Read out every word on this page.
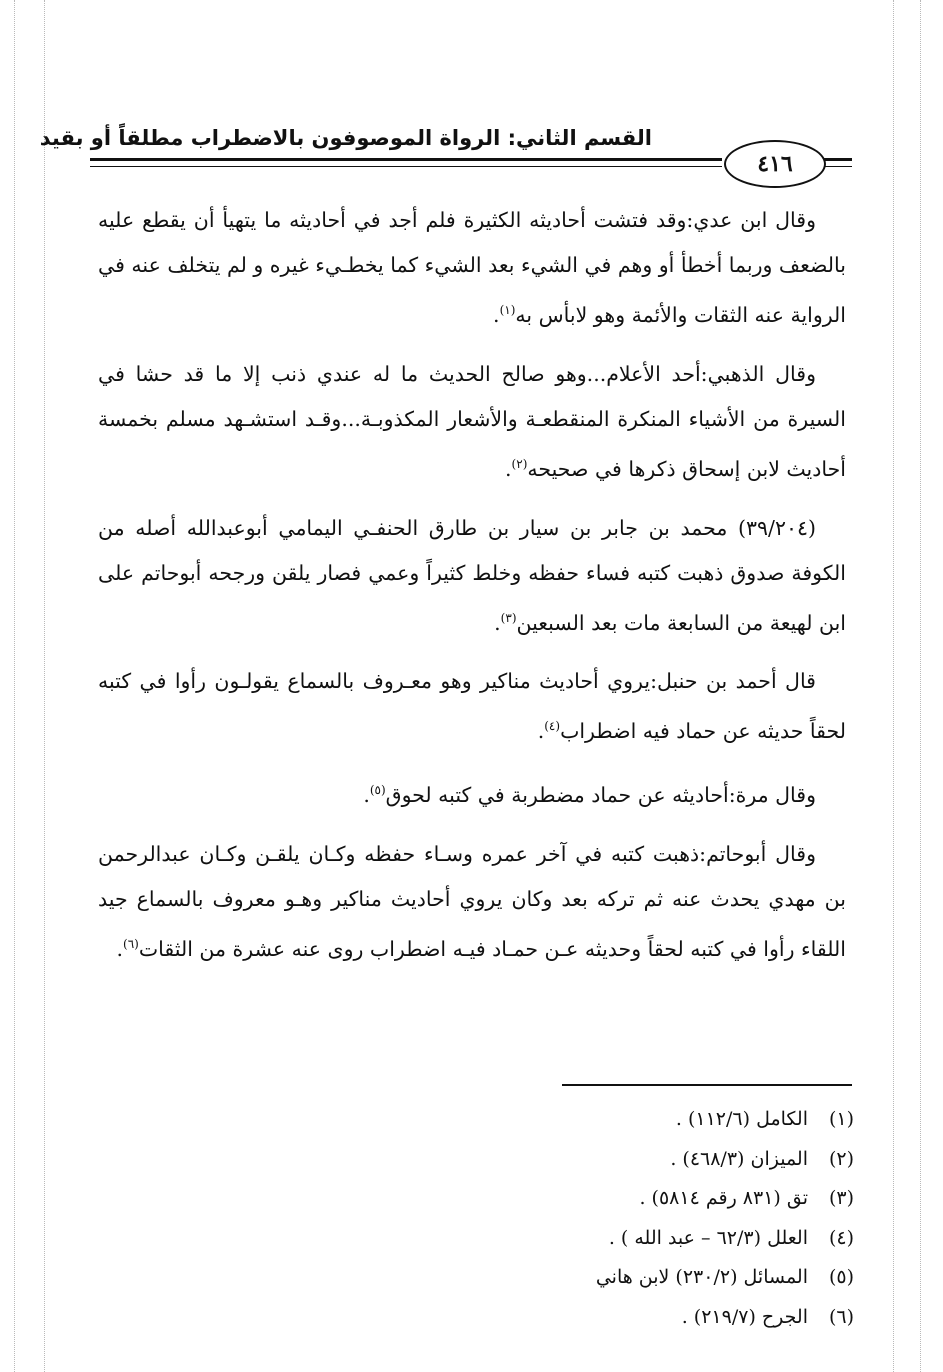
القسم الثاني: الرواة الموصوفون بالاضطراب مطلقاً أو بقيد
٤١٦

وقال ابن عدي:وقد فتشت أحاديثه الكثيرة فلم أجد في أحاديثه ما يتهيأ أن يقطع عليه بالضعف وربما أخطأ أو وهم في الشيء بعد الشيء كما يخطـيء غيره و لم يتخلف عنه في الرواية عنه الثقات والأئمة وهو لابأس به$^{(١)}$.

وقال الذهبي:أحد الأعلام...وهو صالح الحديث ما له عندي ذنب إلا ما قد حشا في السيرة من الأشياء المنكرة المنقطعـة والأشعار المكذوبـة...وقـد استشـهد مسلم بخمسة أحاديث لابن إسحاق ذكرها في صحيحه$^{(٢)}$.

(٣٩/٢٠٤) محمد بن جابر بن سيار بن طارق الحنفـي اليمامي أبوعبدالله أصله من الكوفة صدوق ذهبت كتبه فساء حفظه وخلط كثيراً وعمي فصار يلقن ورجحه أبوحاتم على ابن لهيعة من السابعة مات بعد السبعين$^{(٣)}$.

قال أحمد بن حنبل:يروي أحاديث مناكير وهو معـروف بالسماع يقولـون رأوا في كتبه لحقاً حديثه عن حماد فيه اضطراب$^{(٤)}$.

وقال مرة:أحاديثه عن حماد مضطربة في كتبه لحوق$^{(٥)}$.

وقال أبوحاتم:ذهبت كتبه في آخر عمره وسـاء حفظه وكـان يلقـن وكـان عبدالرحمن بن مهدي يحدث عنه ثم تركه بعد وكان يروي أحاديث مناكير وهـو معروف بالسماع جيد اللقاء رأوا في كتبه لحقاً وحديثه عـن حمـاد فيـه اضطراب روى عنه عشرة من الثقات$^{(٦)}$.

(١)الكامل (١١٢/٦) .
(٢)الميزان (٤٦٨/٣) .
(٣)تق (٨٣١ رقم ٥٨١٤) .
(٤)العلل (٦٢/٣ – عبد الله ) .
(٥)المسائل (٢٣٠/٢) لابن هاني
(٦)الجرح (٢١٩/٧) .
